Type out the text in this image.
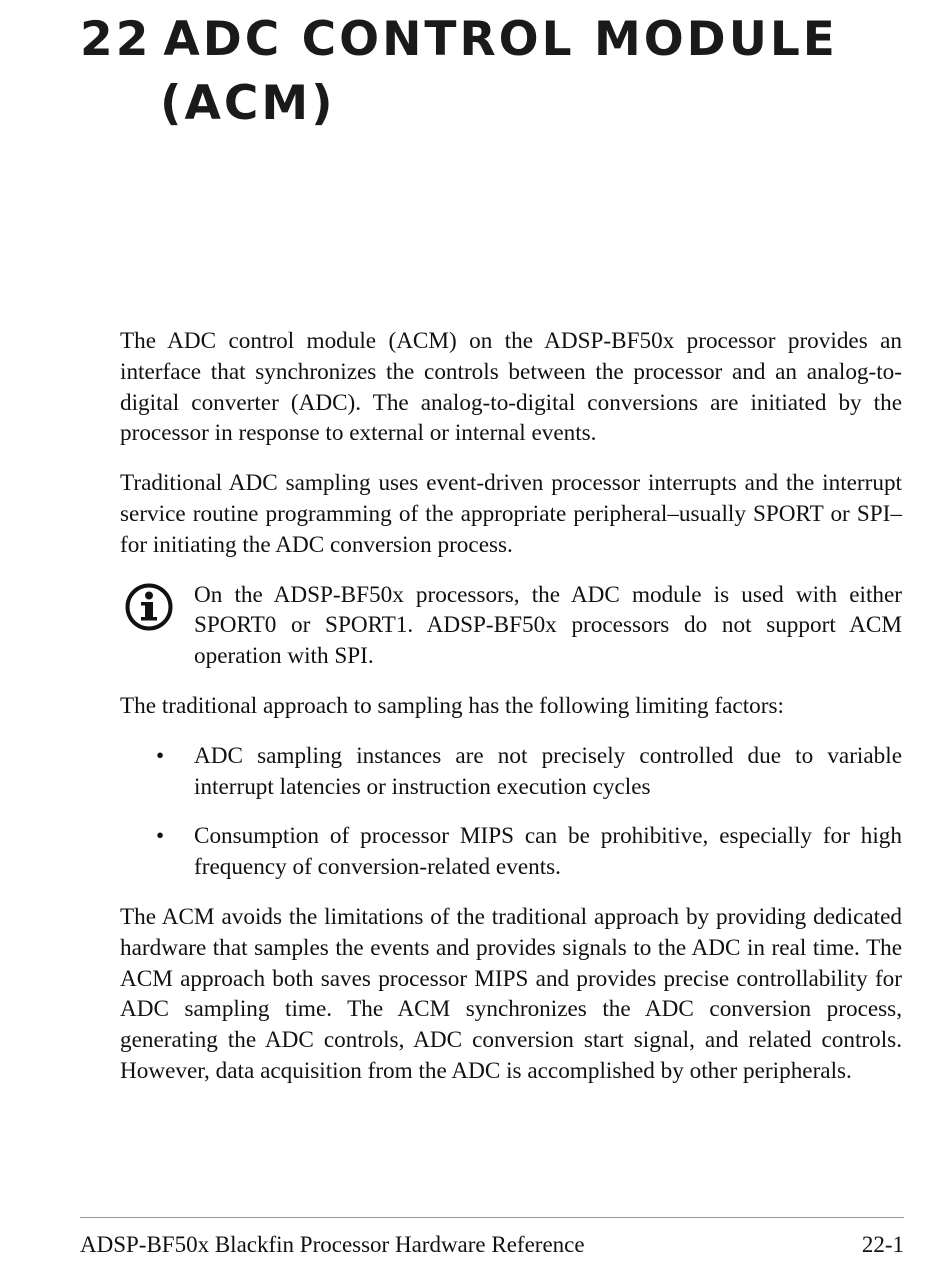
22 ADC CONTROL MODULE
(ACM)

The ADC control module (ACM) on the ADSP-BF50x processor provides an interface that synchronizes the controls between the processor and an analog-to-digital converter (ADC). The analog-to-digital conversions are initiated by the processor in response to external or internal events.

Traditional ADC sampling uses event-driven processor interrupts and the interrupt service routine programming of the appropriate peripheral–usually SPORT or SPI–for initiating the ADC conversion process.

On the ADSP-BF50x processors, the ADC module is used with either SPORT0 or SPORT1. ADSP-BF50x processors do not support ACM operation with SPI.

The traditional approach to sampling has the following limiting factors:

• ADC sampling instances are not precisely controlled due to variable interrupt latencies or instruction execution cycles
• Consumption of processor MIPS can be prohibitive, especially for high frequency of conversion-related events.

The ACM avoids the limitations of the traditional approach by providing dedicated hardware that samples the events and provides signals to the ADC in real time. The ACM approach both saves processor MIPS and provides precise controllability for ADC sampling time. The ACM synchronizes the ADC conversion process, generating the ADC controls, ADC conversion start signal, and related controls. However, data acquisition from the ADC is accomplished by other peripherals.

ADSP-BF50x Blackfin Processor Hardware Reference	22-1
